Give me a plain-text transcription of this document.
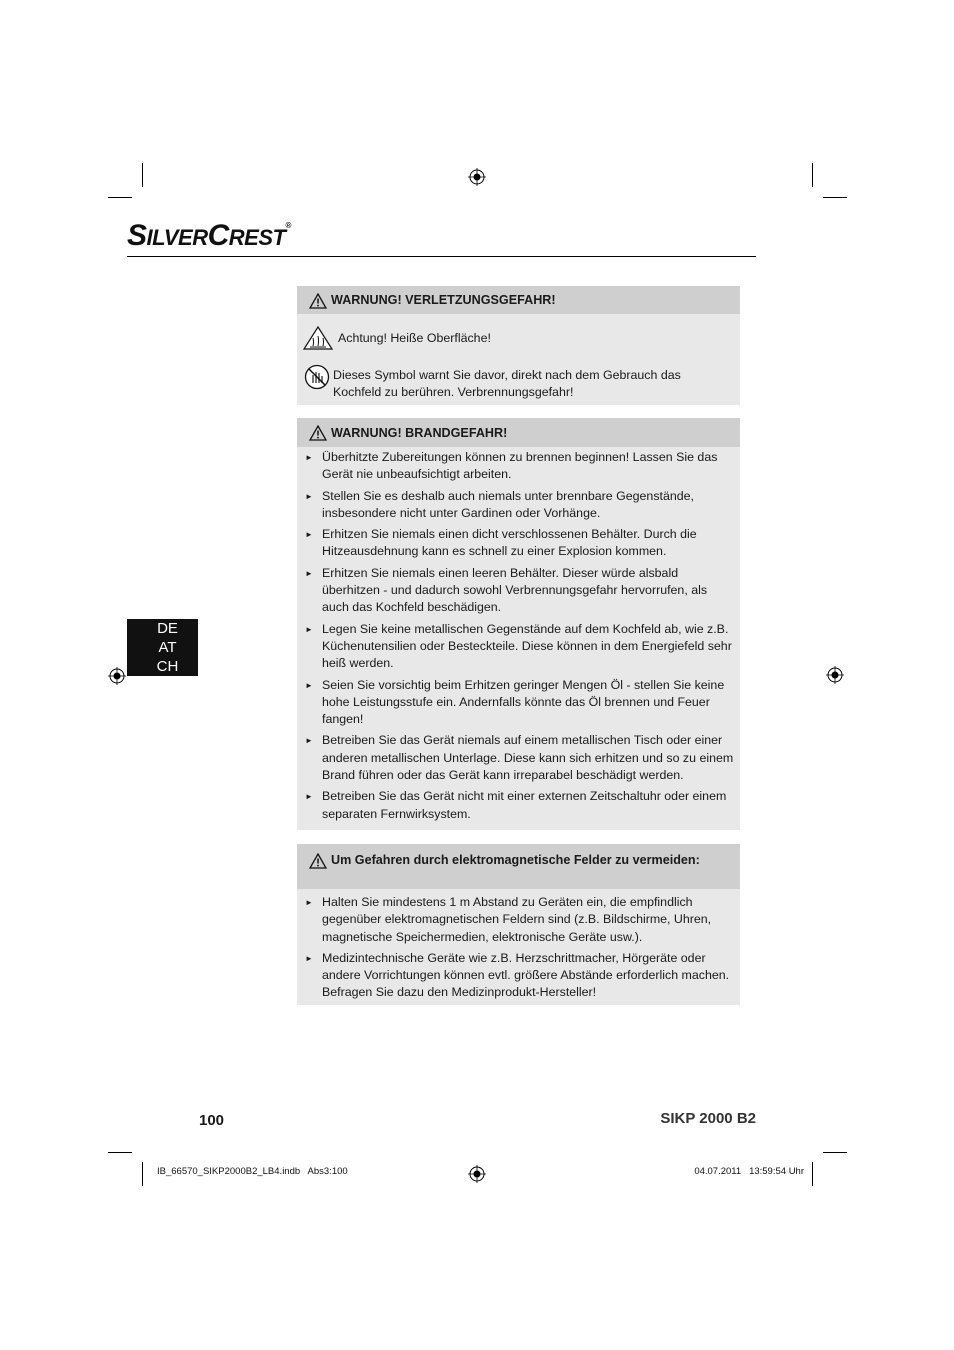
SILVERCREST®
WARNUNG! VERLETZUNGSGEFAHR!
Achtung! Heiße Oberfläche!
Dieses Symbol warnt Sie davor, direkt nach dem Gebrauch das Kochfeld zu berühren. Verbrennungsgefahr!
WARNUNG! BRANDGEFAHR!
► Überhitzte Zubereitungen können zu brennen beginnen! Lassen Sie das Gerät nie unbeaufsichtigt arbeiten.
► Stellen Sie es deshalb auch niemals unter brennbare Gegenstände, insbesondere nicht unter Gardinen oder Vorhänge.
► Erhitzen Sie niemals einen dicht verschlossenen Behälter. Durch die Hitzeausdehnung kann es schnell zu einer Explosion kommen.
► Erhitzen Sie niemals einen leeren Behälter. Dieser würde alsbald überhitzen - und dadurch sowohl Verbrennungsgefahr hervorrufen, als auch das Kochfeld beschädigen.
► Legen Sie keine metallischen Gegenstände auf dem Kochfeld ab, wie z.B. Küchenutensilien oder Besteckteile. Diese können in dem Energiefeld sehr heiß werden.
► Seien Sie vorsichtig beim Erhitzen geringer Mengen Öl - stellen Sie keine hohe Leistungsstufe ein. Andernfalls könnte das Öl brennen und Feuer fangen!
► Betreiben Sie das Gerät niemals auf einem metallischen Tisch oder einer anderen metallischen Unterlage. Diese kann sich erhitzen und so zu einem Brand führen oder das Gerät kann irreparabel beschädigt werden.
► Betreiben Sie das Gerät nicht mit einer externen Zeitschaltuhr oder einem separaten Fernwirksystem.
Um Gefahren durch elektromagnetische Felder zu vermeiden:
► Halten Sie mindestens 1 m Abstand zu Geräten ein, die empfindlich gegenüber elektromagnetischen Feldern sind (z.B. Bildschirme, Uhren, magnetische Speichermedien, elektronische Geräte usw.).
► Medizintechnische Geräte wie z.B. Herzschrittmacher, Hörgeräte oder andere Vorrichtungen können evtl. größere Abstände erforderlich machen. Befragen Sie dazu den Medizinprodukt-Hersteller!
DE
AT
CH
100	SIKP 2000 B2
IB_66570_SIKP2000B2_LB4.indb   Abs3:100	04.07.2011   13:59:54 Uhr
